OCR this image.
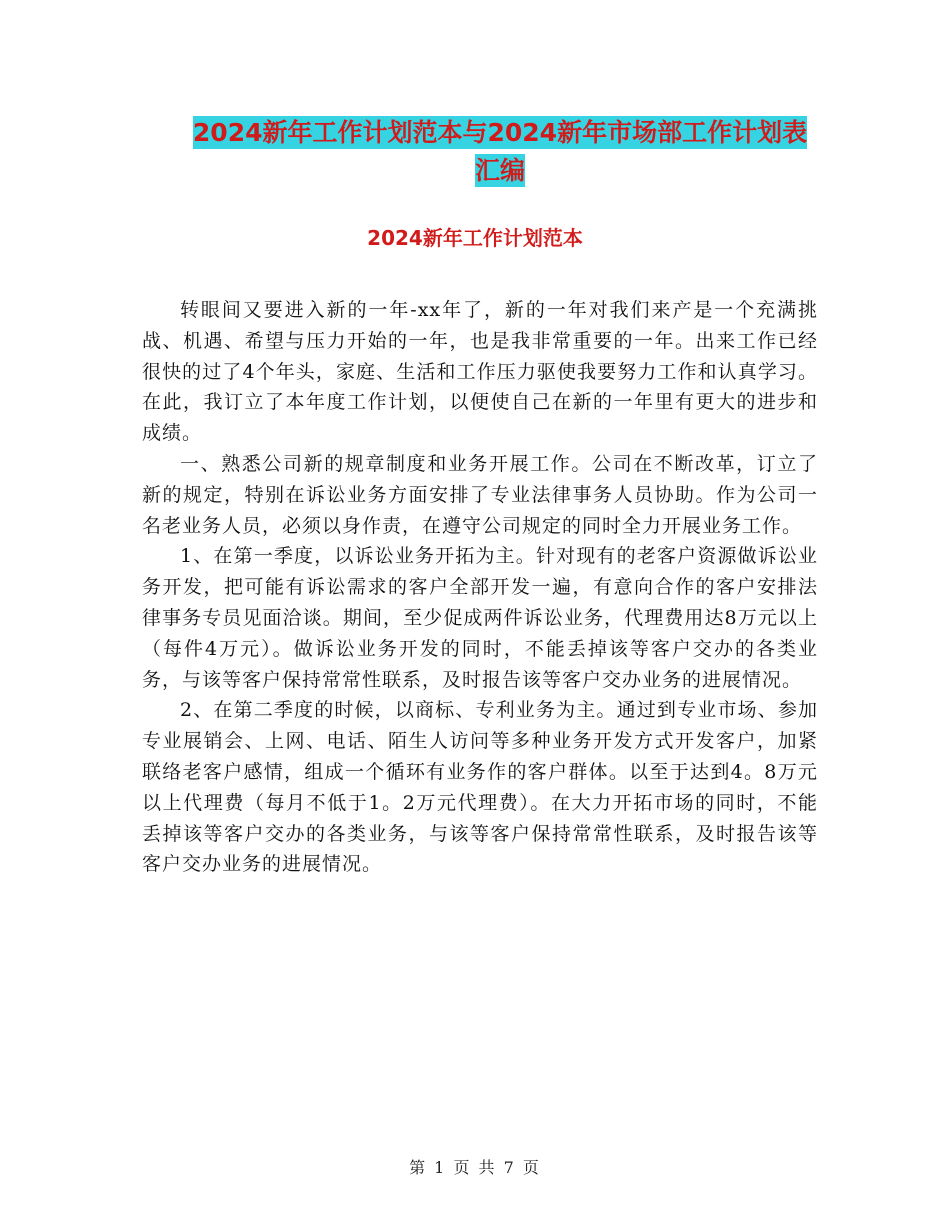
2024新年工作计划范本与2024新年市场部工作计划表
汇编
2024新年工作计划范本

转眼间又要进入新的一年-xx年了，新的一年对我们来产是一个充满挑战、机遇、希望与压力开始的一年，也是我非常重要的一年。出来工作已经很快的过了4个年头，家庭、生活和工作压力驱使我要努力工作和认真学习。在此，我订立了本年度工作计划，以便使自己在新的一年里有更大的进步和成绩。

一、熟悉公司新的规章制度和业务开展工作。公司在不断改革，订立了新的规定，特别在诉讼业务方面安排了专业法律事务人员协助。作为公司一名老业务人员，必须以身作责，在遵守公司规定的同时全力开展业务工作。

1、在第一季度，以诉讼业务开拓为主。针对现有的老客户资源做诉讼业务开发，把可能有诉讼需求的客户全部开发一遍，有意向合作的客户安排法律事务专员见面洽谈。期间，至少促成两件诉讼业务，代理费用达8万元以上（每件4万元）。做诉讼业务开发的同时，不能丢掉该等客户交办的各类业务，与该等客户保持常常性联系，及时报告该等客户交办业务的进展情况。

2、在第二季度的时候，以商标、专利业务为主。通过到专业市场、参加专业展销会、上网、电话、陌生人访问等多种业务开发方式开发客户，加紧联络老客户感情，组成一个循环有业务作的客户群体。以至于达到4。8万元以上代理费（每月不低于1。2万元代理费）。在大力开拓市场的同时，不能丢掉该等客户交办的各类业务，与该等客户保持常常性联系，及时报告该等客户交办业务的进展情况。

第 1 页 共 7 页
